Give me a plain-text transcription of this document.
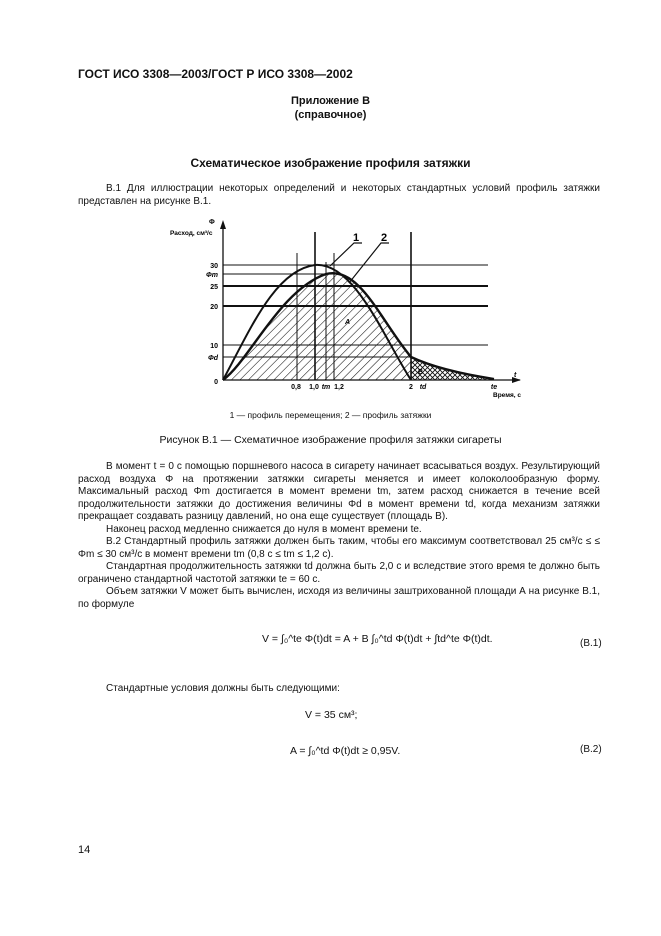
ГОСТ ИСО 3308—2003/ГОСТ Р ИСО 3308—2002
Приложение В
(справочное)
Схематическое изображение профиля затяжки
В.1 Для иллюстрации некоторых определений и некоторых стандартных условий профиль затяжки представлен на рисунке В.1.
1 2
A
B
Φ
Расход, см³/с
t
Время, с
30
Φm
25
20
10
Φd
0
0,8 1,0 tm 1,2	2 td	te
1 — профиль перемещения; 2 — профиль затяжки
Рисунок В.1 — Схематичное изображение профиля затяжки сигареты
В момент t = 0 с помощью поршневого насоса в сигарету начинает всасываться воздух. Результирующий расход воздуха Φ на протяжении затяжки сигареты меняется и имеет колоколообразную форму. Максимальный расход Φm достигается в момент времени tm, затем расход снижается в течение всей продолжительности затяжки до достижения величины Φd в момент времени td, когда механизм затяжки прекращает создавать разницу давлений, но она еще существует (площадь В).
Наконец расход медленно снижается до нуля в момент времени te.
В.2 Стандартный профиль затяжки должен быть таким, чтобы его максимум соответствовал 25 см³/с ≤ ≤ Φm ≤ 30 см³/с в момент времени tm (0,8 с ≤ tm ≤ 1,2 с).
Стандартная продолжительность затяжки td должна быть 2,0 с и вследствие этого время te должно быть ограничено стандартной частотой затяжки te = 60 с.
Объем затяжки V может быть вычислен, исходя из величины заштрихованной площади А на рисунке В.1, по формуле
V = ∫₀^te Φ(t)dt = A + B ∫₀^td Φ(t)dt + ∫td^te Φ(t)dt.	(В.1)
Стандартные условия должны быть следующими:
V = 35 см³;
A = ∫₀^td Φ(t)dt ≥ 0,95V.	(В.2)
14
